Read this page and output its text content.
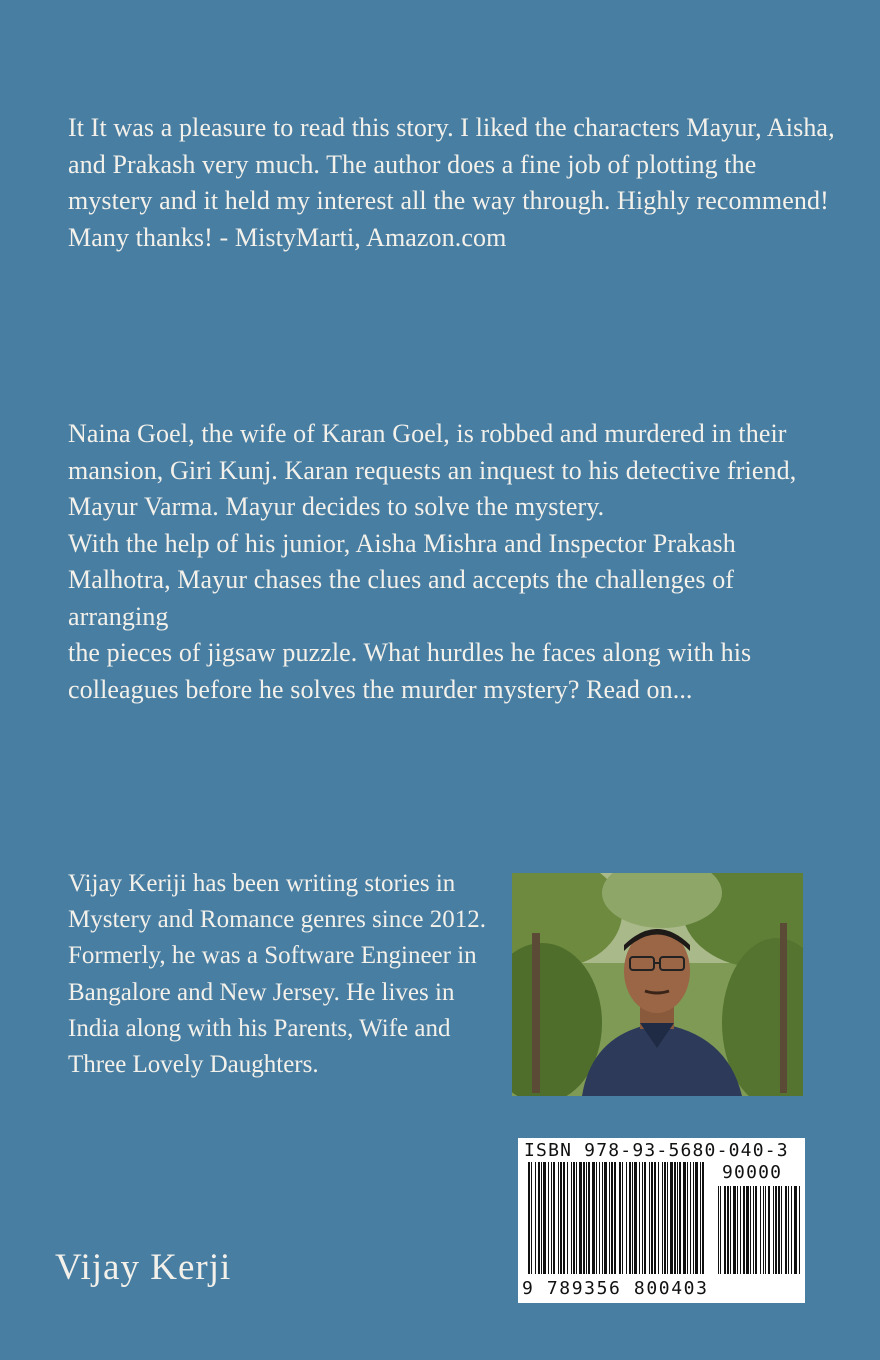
It It was a pleasure to read this story. I liked the characters Mayur, Aisha,
and Prakash very much. The author does a fine job of plotting the
mystery and it held my interest all the way through. Highly recommend!
Many thanks! - MistyMarti, Amazon.com
Naina Goel, the wife of Karan Goel, is robbed and murdered in their
mansion, Giri Kunj. Karan requests an inquest to his detective friend,
Mayur Varma. Mayur decides to solve the mystery.
With the help of his junior, Aisha Mishra and Inspector Prakash
Malhotra, Mayur chases the clues and accepts the challenges of arranging
the pieces of jigsaw puzzle. What hurdles he faces along with his
colleagues before he solves the murder mystery? Read on...
Vijay Keriji has been writing stories in
Mystery and Romance genres since 2012.
Formerly, he was a Software Engineer in
Bangalore and New Jersey. He lives in
India along with his Parents, Wife and
Three Lovely Daughters.
Vijay Kerji
ISBN 978-93-5680-040-3
90000
9 789356 800403
